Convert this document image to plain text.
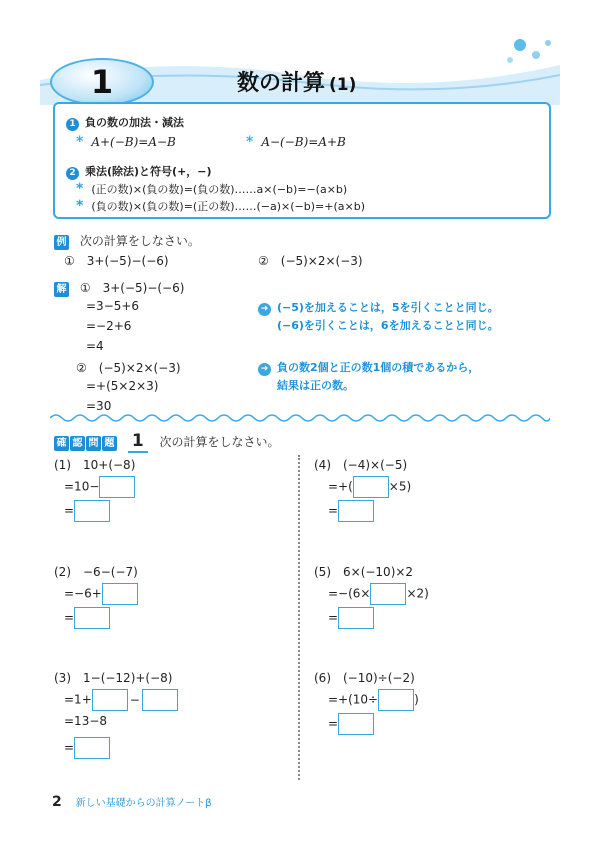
1	数の計算 (1)
1 負の数の加法・減法
* A+(−B)=A−B	* A−(−B)=A+B
2 乗法(除法)と符号(+，−)
* (正の数)×(負の数)=(負の数)……a×(−b)=−(a×b)
* (負の数)×(負の数)=(正の数)……(−a)×(−b)=+(a×b)
例 次の計算をしなさい。
①　3+(−5)−(−6)	②　(−5)×2×(−3)
解 ①　3+(−5)−(−6)
=3−5+6
=−2+6
=4
②　(−5)×2×(−3)
=+(5×2×3)
=30
➜ (−5)を加えることは，5を引くことと同じ。
(−6)を引くことは，6を加えることと同じ。
➜ 負の数2個と正の数1個の積であるから，
結果は正の数。
確 認 問 題 1 次の計算をしなさい。
(1)　10+(−8)
=10−
=
(2)　−6−(−7)
=−6+
=
(3)　1−(−12)+(−8)
=1+	−
=13−8
=
(4)　(−4)×(−5)
=+(	×5)
=
(5)　6×(−10)×2
=−(6×	×2)
=
(6)　(−10)÷(−2)
=+(10÷	)
=
2 新しい基礎からの計算ノートβ
